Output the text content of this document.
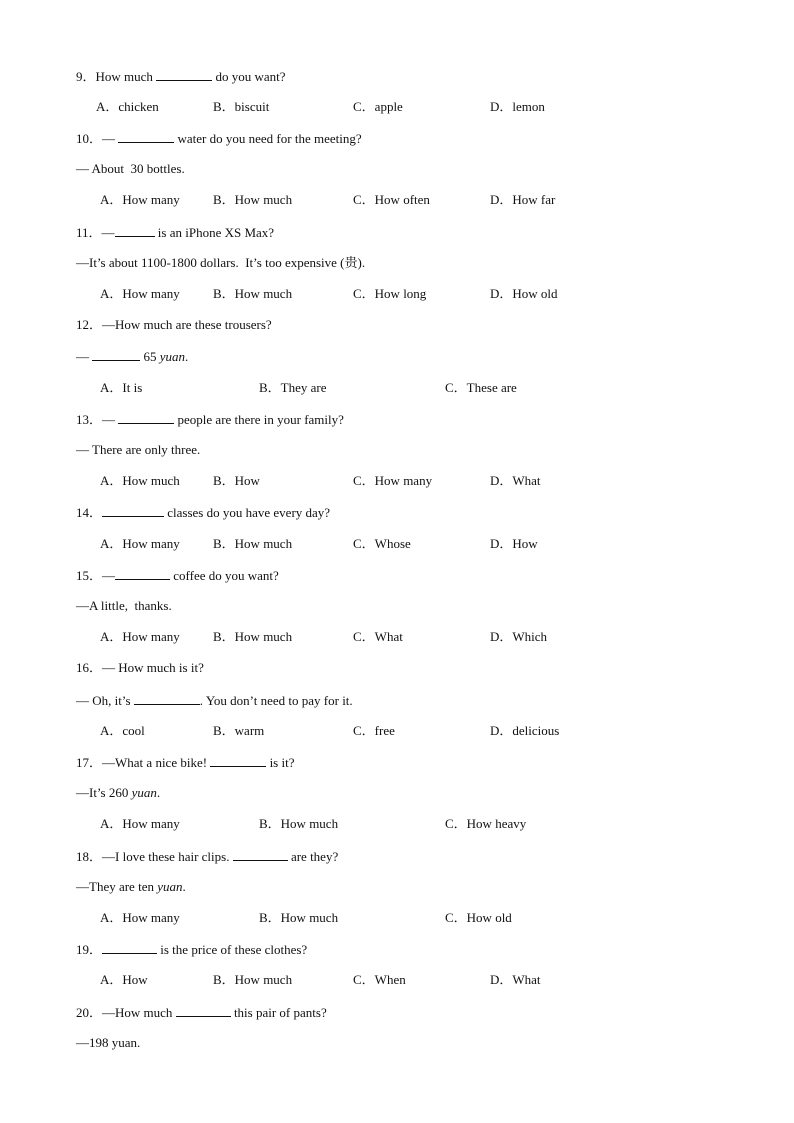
9．How much	do you want?
A．chicken	B．biscuit	C．apple	D．lemon
10．—	water do you need for the meeting?
— About  30 bottles.
A．How many	B．How much	C．How often	D．How far
11．—	is an iPhone XS Max?
—It’s about 1100-1800 dollars.  It’s too expensive (贵).
A．How many	B．How much	C．How long	D．How old
12．—How much are these trousers?
—	65 yuan.
A．It is	B．They are	C．These are
13．—	people are there in your family?
— There are only three.
A．How much	B．How	C．How many	D．What
14．	classes do you have every day?
A．How many	B．How much	C．Whose	D．How
15．—	coffee do you want?
—A little,  thanks.
A．How many	B．How much	C．What	D．Which
16．— How much is it?
— Oh, it’s	. You don’t need to pay for it.
A．cool	B．warm	C．free	D．delicious
17．—What a nice bike!	is it?
—It’s 260 yuan.
A．How many	B．How much	C．How heavy
18．—I love these hair clips.	are they?
—They are ten yuan.
A．How many	B．How much	C．How old
19．	is the price of these clothes?
A．How	B．How much	C．When	D．What
20．—How much	this pair of pants?
—198 yuan.
